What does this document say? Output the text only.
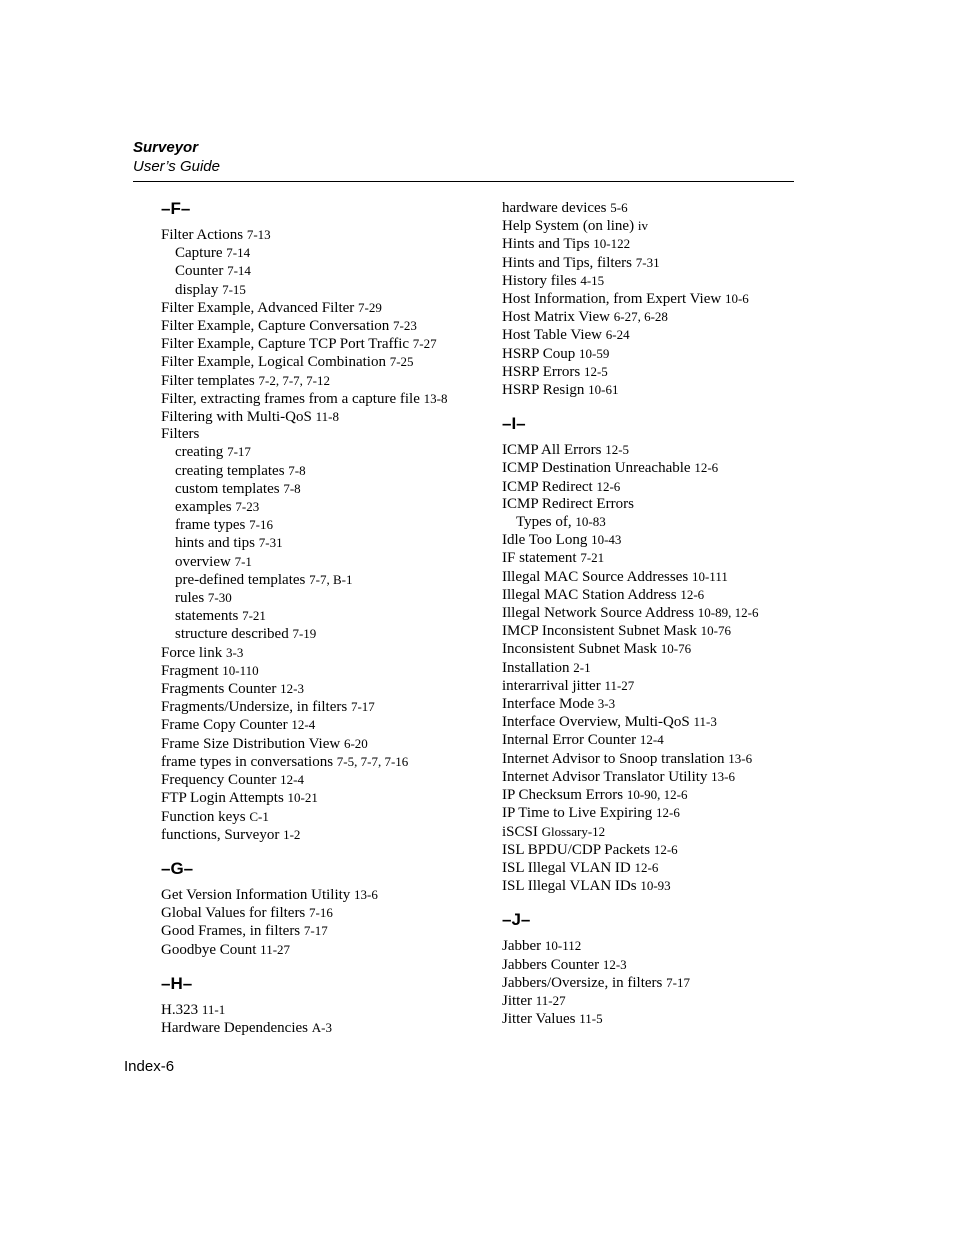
Surveyor
User’s Guide
–F–
Filter Actions 7-13
Capture 7-14
Counter 7-14
display 7-15
Filter Example, Advanced Filter 7-29
Filter Example, Capture Conversation 7-23
Filter Example, Capture TCP Port Traffic 7-27
Filter Example, Logical Combination 7-25
Filter templates 7-2, 7-7, 7-12
Filter, extracting frames from a capture file 13-8
Filtering with Multi-QoS 11-8
Filters
creating 7-17
creating templates 7-8
custom templates 7-8
examples 7-23
frame types 7-16
hints and tips 7-31
overview 7-1
pre-defined templates 7-7, B-1
rules 7-30
statements 7-21
structure described 7-19
Force link 3-3
Fragment 10-110
Fragments Counter 12-3
Fragments/Undersize, in filters 7-17
Frame Copy Counter 12-4
Frame Size Distribution View 6-20
frame types in conversations 7-5, 7-7, 7-16
Frequency Counter 12-4
FTP Login Attempts 10-21
Function keys C-1
functions, Surveyor 1-2
–G–
Get Version Information Utility 13-6
Global Values for filters 7-16
Good Frames, in filters 7-17
Goodbye Count 11-27
–H–
H.323 11-1
Hardware Dependencies A-3
hardware devices 5-6
Help System (on line) iv
Hints and Tips 10-122
Hints and Tips, filters 7-31
History files 4-15
Host Information, from Expert View 10-6
Host Matrix View 6-27, 6-28
Host Table View 6-24
HSRP Coup 10-59
HSRP Errors 12-5
HSRP Resign 10-61
–I–
ICMP All Errors 12-5
ICMP Destination Unreachable 12-6
ICMP Redirect 12-6
ICMP Redirect Errors
Types of, 10-83
Idle Too Long 10-43
IF statement 7-21
Illegal MAC Source Addresses 10-111
Illegal MAC Station Address 12-6
Illegal Network Source Address 10-89, 12-6
IMCP Inconsistent Subnet Mask 10-76
Inconsistent Subnet Mask 10-76
Installation 2-1
interarrival jitter 11-27
Interface Mode 3-3
Interface Overview, Multi-QoS 11-3
Internal Error Counter 12-4
Internet Advisor to Snoop translation 13-6
Internet Advisor Translator Utility 13-6
IP Checksum Errors 10-90, 12-6
IP Time to Live Expiring 12-6
iSCSI Glossary-12
ISL BPDU/CDP Packets 12-6
ISL Illegal VLAN ID 12-6
ISL Illegal VLAN IDs 10-93
–J–
Jabber 10-112
Jabbers Counter 12-3
Jabbers/Oversize, in filters 7-17
Jitter 11-27
Jitter Values 11-5
Index-6
